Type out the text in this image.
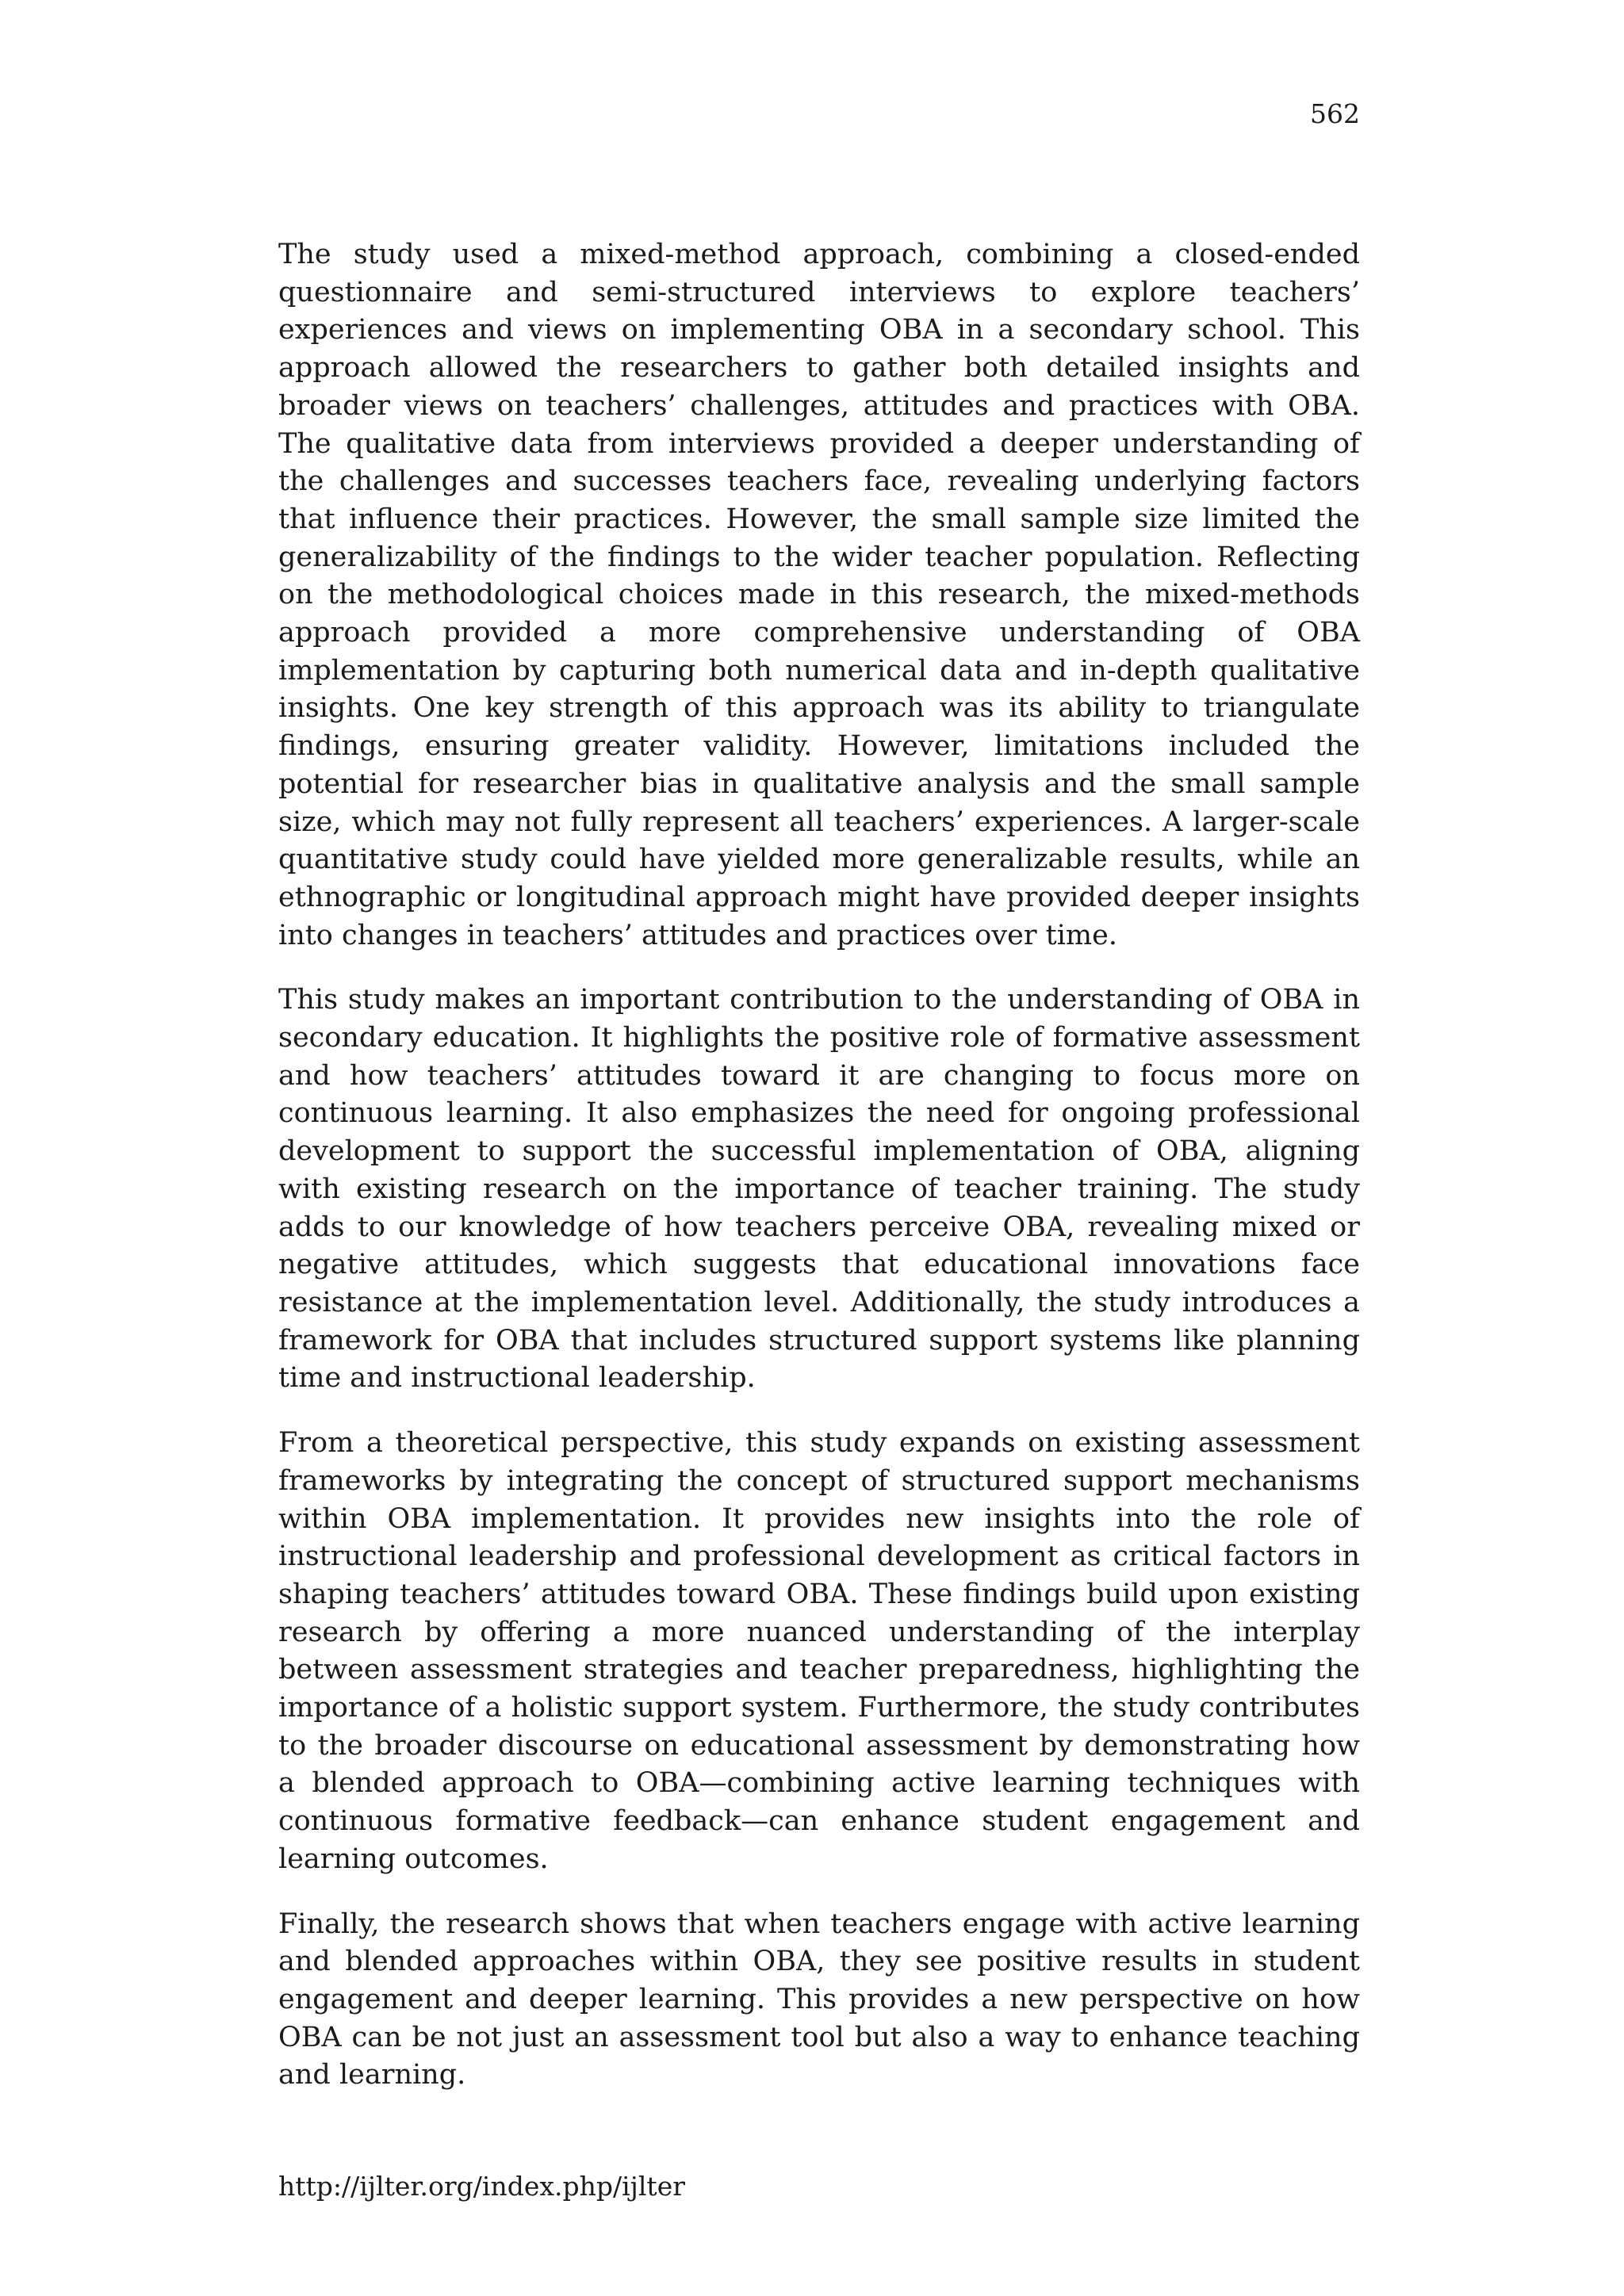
562

The study used a mixed-method approach, combining a closed-ended questionnaire and semi-structured interviews to explore teachers’ experiences and views on implementing OBA in a secondary school. This approach allowed the researchers to gather both detailed insights and broader views on teachers’ challenges, attitudes and practices with OBA. The qualitative data from interviews provided a deeper understanding of the challenges and successes teachers face, revealing underlying factors that influence their practices. However, the small sample size limited the generalizability of the findings to the wider teacher population. Reflecting on the methodological choices made in this research, the mixed-methods approach provided a more comprehensive understanding of OBA implementation by capturing both numerical data and in-depth qualitative insights. One key strength of this approach was its ability to triangulate findings, ensuring greater validity. However, limitations included the potential for researcher bias in qualitative analysis and the small sample size, which may not fully represent all teachers’ experiences. A larger-scale quantitative study could have yielded more generalizable results, while an ethnographic or longitudinal approach might have provided deeper insights into changes in teachers’ attitudes and practices over time.

This study makes an important contribution to the understanding of OBA in secondary education. It highlights the positive role of formative assessment and how teachers’ attitudes toward it are changing to focus more on continuous learning. It also emphasizes the need for ongoing professional development to support the successful implementation of OBA, aligning with existing research on the importance of teacher training. The study adds to our knowledge of how teachers perceive OBA, revealing mixed or negative attitudes, which suggests that educational innovations face resistance at the implementation level. Additionally, the study introduces a framework for OBA that includes structured support systems like planning time and instructional leadership.

From a theoretical perspective, this study expands on existing assessment frameworks by integrating the concept of structured support mechanisms within OBA implementation. It provides new insights into the role of instructional leadership and professional development as critical factors in shaping teachers’ attitudes toward OBA. These findings build upon existing research by offering a more nuanced understanding of the interplay between assessment strategies and teacher preparedness, highlighting the importance of a holistic support system. Furthermore, the study contributes to the broader discourse on educational assessment by demonstrating how a blended approach to OBA—combining active learning techniques with continuous formative feedback—can enhance student engagement and learning outcomes.

Finally, the research shows that when teachers engage with active learning and blended approaches within OBA, they see positive results in student engagement and deeper learning. This provides a new perspective on how OBA can be not just an assessment tool but also a way to enhance teaching and learning.

http://ijlter.org/index.php/ijlter
